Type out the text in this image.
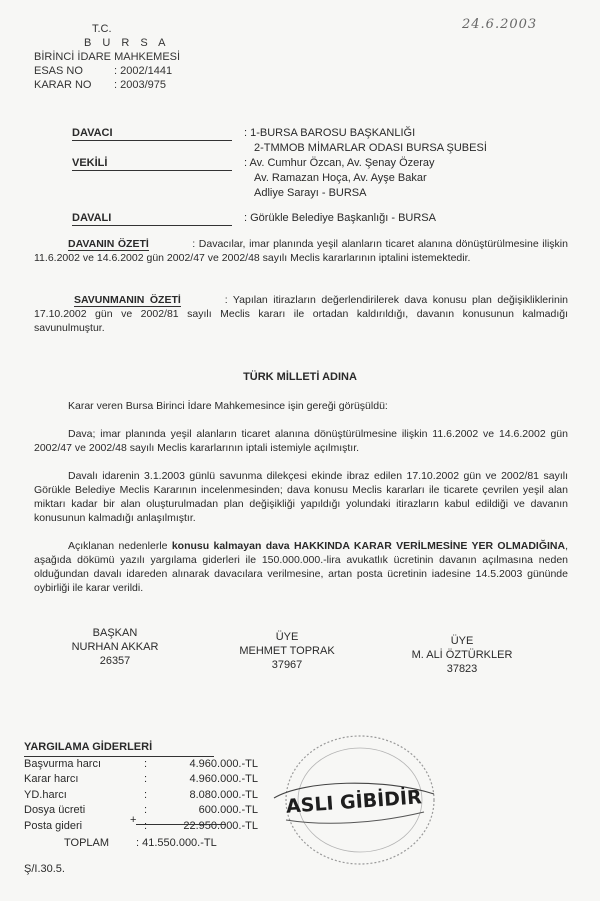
24.6.2003
T.C.
B U R S A
BİRİNCİ İDARE MAHKEMESİ
ESAS NO	: 2002/1441
KARAR NO	: 2003/975
DAVACI	: 1-BURSA BAROSU BAŞKANLIĞI
2-TMMOB MİMARLAR ODASI BURSA ŞUBESİ
VEKİLİ	: Av. Cumhur Özcan, Av. Şenay Özeray
Av. Ramazan Hoça, Av. Ayşe Bakar
Adliye Sarayı - BURSA
DAVALI	: Görükle Belediye Başkanlığı - BURSA
DAVANIN ÖZETİ	: Davacılar, imar planında yeşil alanların ticaret alanına dönüştürülmesine ilişkin 11.6.2002 ve 14.6.2002 gün 2002/47 ve 2002/48 sayılı Meclis kararlarının iptalini istemektedir.
SAVUNMANIN ÖZETİ	: Yapılan itirazların değerlendirilerek dava konusu plan değişikliklerinin 17.10.2002 gün ve 2002/81 sayılı Meclis kararı ile ortadan kaldırıldığı, davanın konusunun kalmadığı savunulmuştur.
TÜRK MİLLETİ ADINA
Karar veren Bursa Birinci İdare Mahkemesince işin gereği görüşüldü:
Dava; imar planında yeşil alanların ticaret alanına dönüştürülmesine ilişkin 11.6.2002 ve 14.6.2002 gün 2002/47 ve 2002/48 sayılı Meclis kararlarının iptali istemiyle açılmıştır.
Davalı idarenin 3.1.2003 günlü savunma dilekçesi ekinde ibraz edilen 17.10.2002 gün ve 2002/81 sayılı Görükle Belediye Meclis Kararının incelenmesinden; dava konusu Meclis kararları ile ticarete çevrilen yeşil alan miktarı kadar bir alan oluşturulmadan plan değişikliği yapıldığı yolundaki itirazların kabul edildiği ve davanın konusunun kalmadığı anlaşılmıştır.
Açıklanan nedenlerle konusu kalmayan dava HAKKINDA KARAR VERİLMESİNE YER OLMADIĞINA, aşağıda dökümü yazılı yargılama giderleri ile 150.000.000.-lira avukatlık ücretinin davanın açılmasına neden olduğundan davalı idareden alınarak davacılara verilmesine, artan posta ücretinin iadesine 14.5.2003 gününde oybirliği ile karar verildi.
BAŞKAN
NURHAN AKKAR
26357
ÜYE
MEHMET TOPRAK
37967
ÜYE
M. ALİ ÖZTÜRKLER
37823
YARGILAMA GİDERLERİ
Başvurma harcı	:	4.960.000.-TL
Karar harcı	:	4.960.000.-TL
YD.harcı	:	8.080.000.-TL
Dosya ücreti	:	600.000.-TL
Posta gideri	:	22.950.000.-TL
+
TOPLAM	: 41.550.000.-TL
ASLI GİBİDİR
Ş/I.30.5.
